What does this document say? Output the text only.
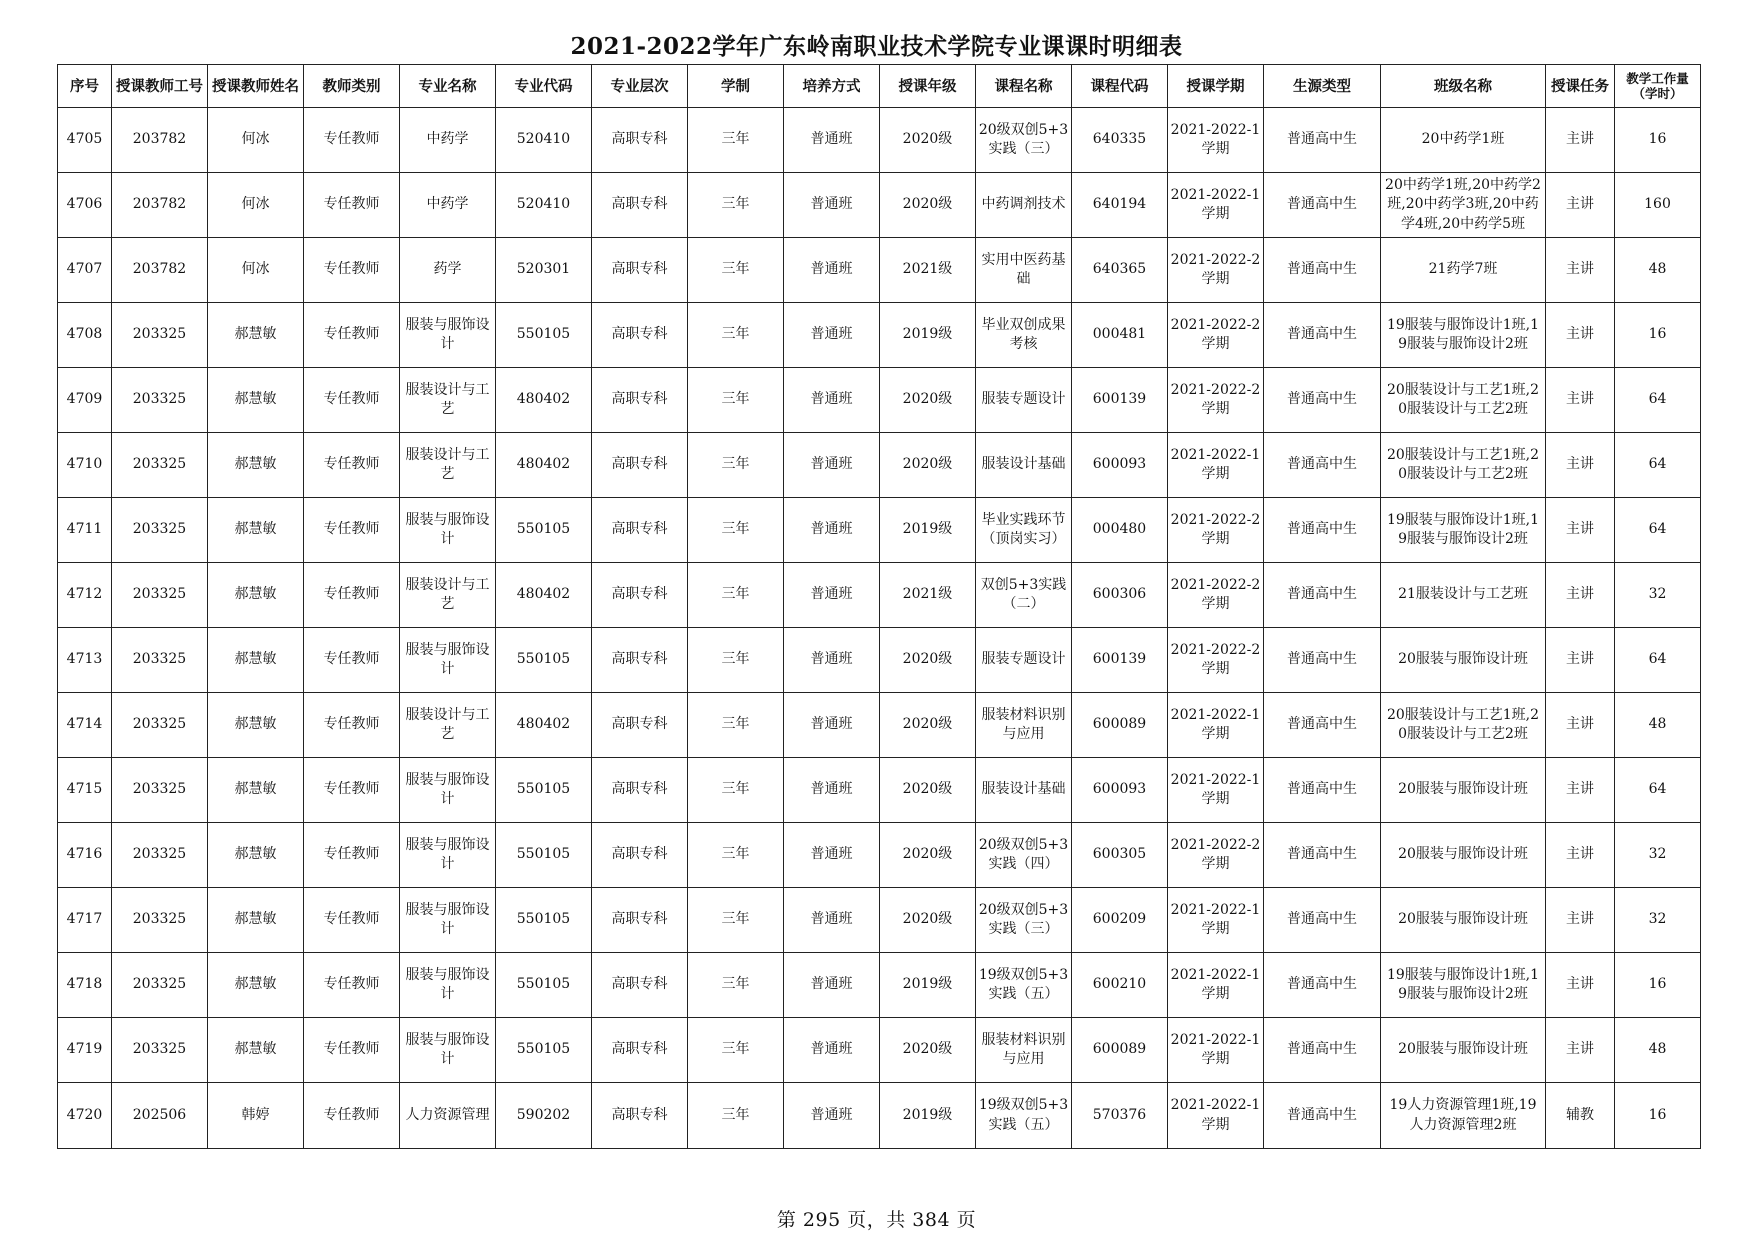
2021-2022学年广东岭南职业技术学院专业课课时明细表
序号	授课教师工号	授课教师姓名	教师类别	专业名称	专业代码	专业层次	学制	培养方式	授课年级	课程名称	课程代码	授课学期	生源类型	班级名称	授课任务	教学工作量（学时）

4705	203782	何冰	专任教师	中药学	520410	高职专科	三年	普通班	2020级	20级双创5+3实践（三）	640335	2021-2022-1学期	普通高中生	20中药学1班	主讲	16

4706	203782	何冰	专任教师	中药学	520410	高职专科	三年	普通班	2020级	中药调剂技术	640194	2021-2022-1学期	普通高中生	20中药学1班,20中药学2班,20中药学3班,20中药学4班,20中药学5班	主讲	160

4707	203782	何冰	专任教师	药学	520301	高职专科	三年	普通班	2021级	实用中医药基础	640365	2021-2022-2学期	普通高中生	21药学7班	主讲	48

4708	203325	郝慧敏	专任教师	服装与服饰设计	550105	高职专科	三年	普通班	2019级	毕业双创成果考核	000481	2021-2022-2学期	普通高中生	19服装与服饰设计1班,19服装与服饰设计2班	主讲	16

4709	203325	郝慧敏	专任教师	服装设计与工艺	480402	高职专科	三年	普通班	2020级	服装专题设计	600139	2021-2022-2学期	普通高中生	20服装设计与工艺1班,20服装设计与工艺2班	主讲	64

4710	203325	郝慧敏	专任教师	服装设计与工艺	480402	高职专科	三年	普通班	2020级	服装设计基础	600093	2021-2022-1学期	普通高中生	20服装设计与工艺1班,20服装设计与工艺2班	主讲	64

4711	203325	郝慧敏	专任教师	服装与服饰设计	550105	高职专科	三年	普通班	2019级	毕业实践环节（顶岗实习）	000480	2021-2022-2学期	普通高中生	19服装与服饰设计1班,19服装与服饰设计2班	主讲	64

4712	203325	郝慧敏	专任教师	服装设计与工艺	480402	高职专科	三年	普通班	2021级	双创5+3实践（二）	600306	2021-2022-2学期	普通高中生	21服装设计与工艺班	主讲	32

4713	203325	郝慧敏	专任教师	服装与服饰设计	550105	高职专科	三年	普通班	2020级	服装专题设计	600139	2021-2022-2学期	普通高中生	20服装与服饰设计班	主讲	64

4714	203325	郝慧敏	专任教师	服装设计与工艺	480402	高职专科	三年	普通班	2020级	服装材料识别与应用	600089	2021-2022-1学期	普通高中生	20服装设计与工艺1班,20服装设计与工艺2班	主讲	48

4715	203325	郝慧敏	专任教师	服装与服饰设计	550105	高职专科	三年	普通班	2020级	服装设计基础	600093	2021-2022-1学期	普通高中生	20服装与服饰设计班	主讲	64

4716	203325	郝慧敏	专任教师	服装与服饰设计	550105	高职专科	三年	普通班	2020级	20级双创5+3实践（四）	600305	2021-2022-2学期	普通高中生	20服装与服饰设计班	主讲	32

4717	203325	郝慧敏	专任教师	服装与服饰设计	550105	高职专科	三年	普通班	2020级	20级双创5+3实践（三）	600209	2021-2022-1学期	普通高中生	20服装与服饰设计班	主讲	32

4718	203325	郝慧敏	专任教师	服装与服饰设计	550105	高职专科	三年	普通班	2019级	19级双创5+3实践（五）	600210	2021-2022-1学期	普通高中生	19服装与服饰设计1班,19服装与服饰设计2班	主讲	16

4719	203325	郝慧敏	专任教师	服装与服饰设计	550105	高职专科	三年	普通班	2020级	服装材料识别与应用	600089	2021-2022-1学期	普通高中生	20服装与服饰设计班	主讲	48

4720	202506	韩婷	专任教师	人力资源管理	590202	高职专科	三年	普通班	2019级	19级双创5+3实践（五）	570376	2021-2022-1学期	普通高中生	19人力资源管理1班,19人力资源管理2班	辅教	16
第 295 页，共 384 页
